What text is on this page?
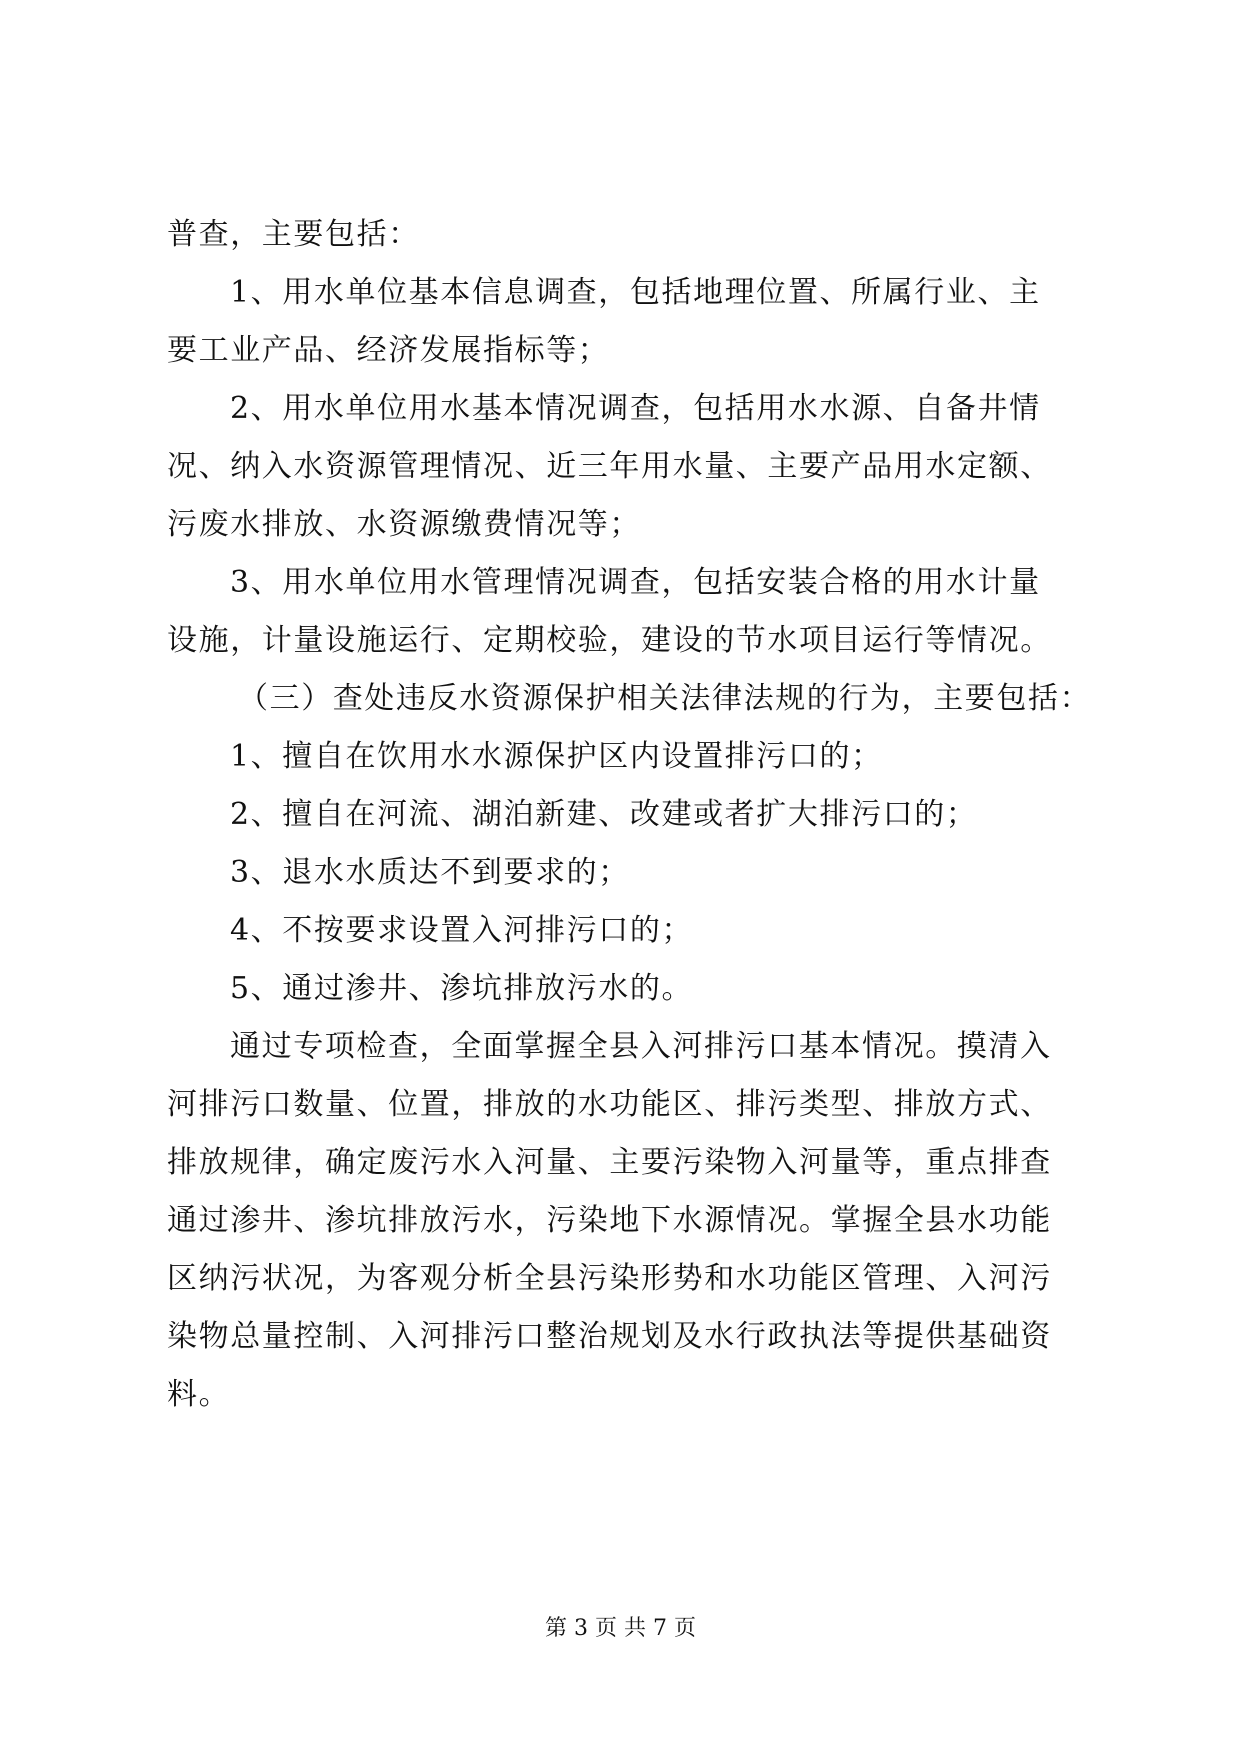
普查，主要包括：
1、用水单位基本信息调查，包括地理位置、所属行业、主
要工业产品、经济发展指标等；
2、用水单位用水基本情况调查，包括用水水源、自备井情
况、纳入水资源管理情况、近三年用水量、主要产品用水定额、
污废水排放、水资源缴费情况等；
3、用水单位用水管理情况调查，包括安装合格的用水计量
设施，计量设施运行、定期校验，建设的节水项目运行等情况。
（三）查处违反水资源保护相关法律法规的行为，主要包括：
1、擅自在饮用水水源保护区内设置排污口的；
2、擅自在河流、湖泊新建、改建或者扩大排污口的；
3、退水水质达不到要求的；
4、不按要求设置入河排污口的；
5、通过渗井、渗坑排放污水的。
通过专项检查，全面掌握全县入河排污口基本情况。摸清入
河排污口数量、位置，排放的水功能区、排污类型、排放方式、
排放规律，确定废污水入河量、主要污染物入河量等，重点排查
通过渗井、渗坑排放污水，污染地下水源情况。掌握全县水功能
区纳污状况，为客观分析全县污染形势和水功能区管理、入河污
染物总量控制、入河排污口整治规划及水行政执法等提供基础资
料。
第 3 页 共 7 页
